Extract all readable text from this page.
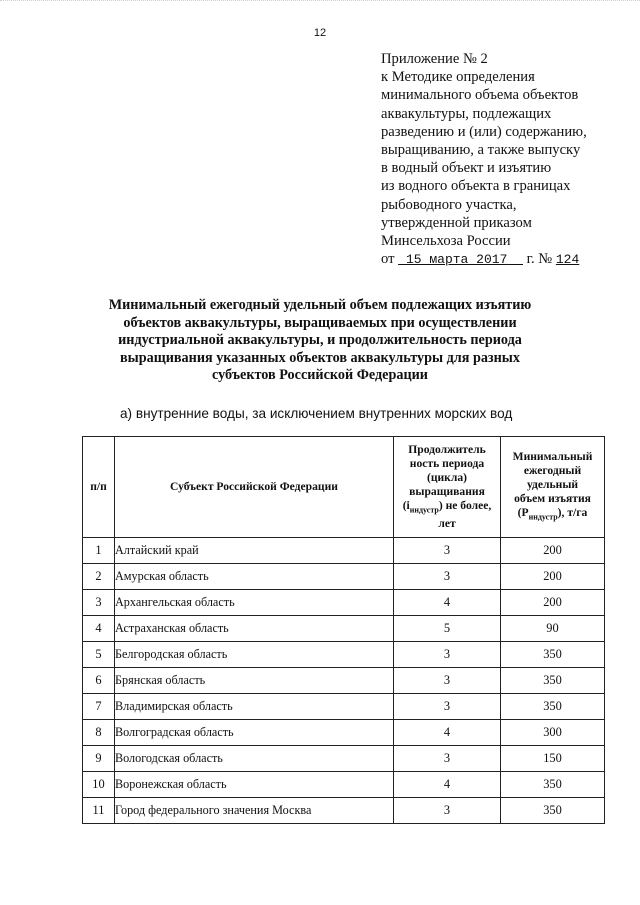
12
Приложение № 2
к Методике определения
минимального объема объектов
аквакультуры, подлежащих
разведению и (или) содержанию,
выращиванию, а также выпуску
в водный объект и изъятию
из водного объекта в границах
рыбоводного участка,
утвержденной приказом
Минсельхоза России
от 15 марта 2017 г. № 124
Минимальный ежегодный удельный объем подлежащих изъятию объектов аквакультуры, выращиваемых при осуществлении индустриальной аквакультуры, и продолжительность периода выращивания указанных объектов аквакультуры для разных субъектов Российской Федерации
а) внутренние воды, за исключением внутренних морских вод
п/п	Субъект Российской Федерации	Продолжитель
ность периода
(цикла)
выращивания
$(i_{индустр})$ не более, лет	Минимальный
ежегодный
удельный
объем изъятия
$(P_{индустр})$, т/га
1	Алтайский край	3	200
2	Амурская область	3	200
3	Архангельская область	4	200
4	Астраханская область	5	90
5	Белгородская область	3	350
6	Брянская область	3	350
7	Владимирская область	3	350
8	Волгоградская область	4	300
9	Вологодская область	3	150
10	Воронежская область	4	350
11	Город федерального значения Москва	3	350
